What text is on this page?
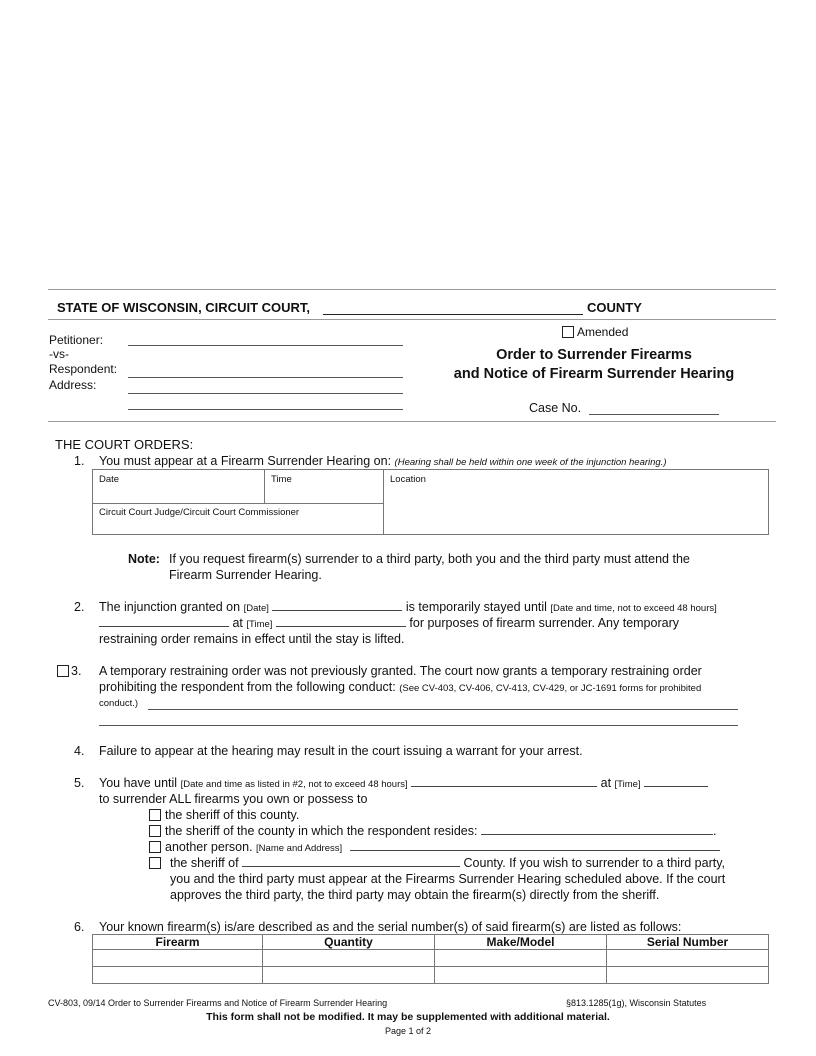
STATE OF WISCONSIN, CIRCUIT COURT,	COUNTY
Petitioner:
-vs-
Respondent:
Address:
Amended
Order to Surrender Firearms
and Notice of Firearm Surrender Hearing
Case No.
THE COURT ORDERS:
1. You must appear at a Firearm Surrender Hearing on: (Hearing shall be held within one week of the injunction hearing.)
Date	Time	Location
Circuit Court Judge/Circuit Court Commissioner
Note: If you request firearm(s) surrender to a third party, both you and the third party must attend the
Firearm Surrender Hearing.
2. The injunction granted on [Date]	is temporarily stayed until [Date and time, not to exceed 48 hours]
at [Time]	for purposes of firearm surrender. Any temporary
restraining order remains in effect until the stay is lifted.
3. A temporary restraining order was not previously granted. The court now grants a temporary restraining order
prohibiting the respondent from the following conduct: (See CV-403, CV-406, CV-413, CV-429, or JC-1691 forms for prohibited
conduct.)
4. Failure to appear at the hearing may result in the court issuing a warrant for your arrest.
5. You have until [Date and time as listed in #2, not to exceed 48 hours]	at [Time]
to surrender ALL firearms you own or possess to
the sheriff of this county.
the sheriff of the county in which the respondent resides:	.
another person. [Name and Address]
the sheriff of	County. If you wish to surrender to a third party,
you and the third party must appear at the Firearms Surrender Hearing scheduled above. If the court
approves the third party, the third party may obtain the firearm(s) directly from the sheriff.
6. Your known firearm(s) is/are described as and the serial number(s) of said firearm(s) are listed as follows:
Firearm	Quantity	Make/Model	Serial Number

CV-803, 09/14 Order to Surrender Firearms and Notice of Firearm Surrender Hearing	§813.1285(1g), Wisconsin Statutes
This form shall not be modified. It may be supplemented with additional material.
Page 1 of 2
